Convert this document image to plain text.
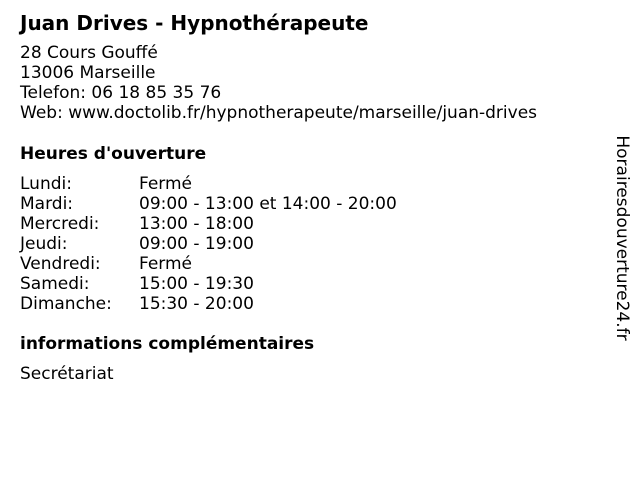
Juan Drives - Hypnothérapeute
28 Cours Gouffé
13006 Marseille
Telefon: 06 18 85 35 76
Web: www.doctolib.fr/hypnotherapeute/marseille/juan-drives
Heures d'ouverture
Lundi:	Fermé
Mardi:	09:00 - 13:00 et 14:00 - 20:00
Mercredi: 13:00 - 18:00
Jeudi:	09:00 - 19:00
Vendredi: Fermé
Samedi:	15:00 - 19:30
Dimanche: 15:30 - 20:00
informations complémentaires
Secrétariat
Horairesdouverture24.fr
